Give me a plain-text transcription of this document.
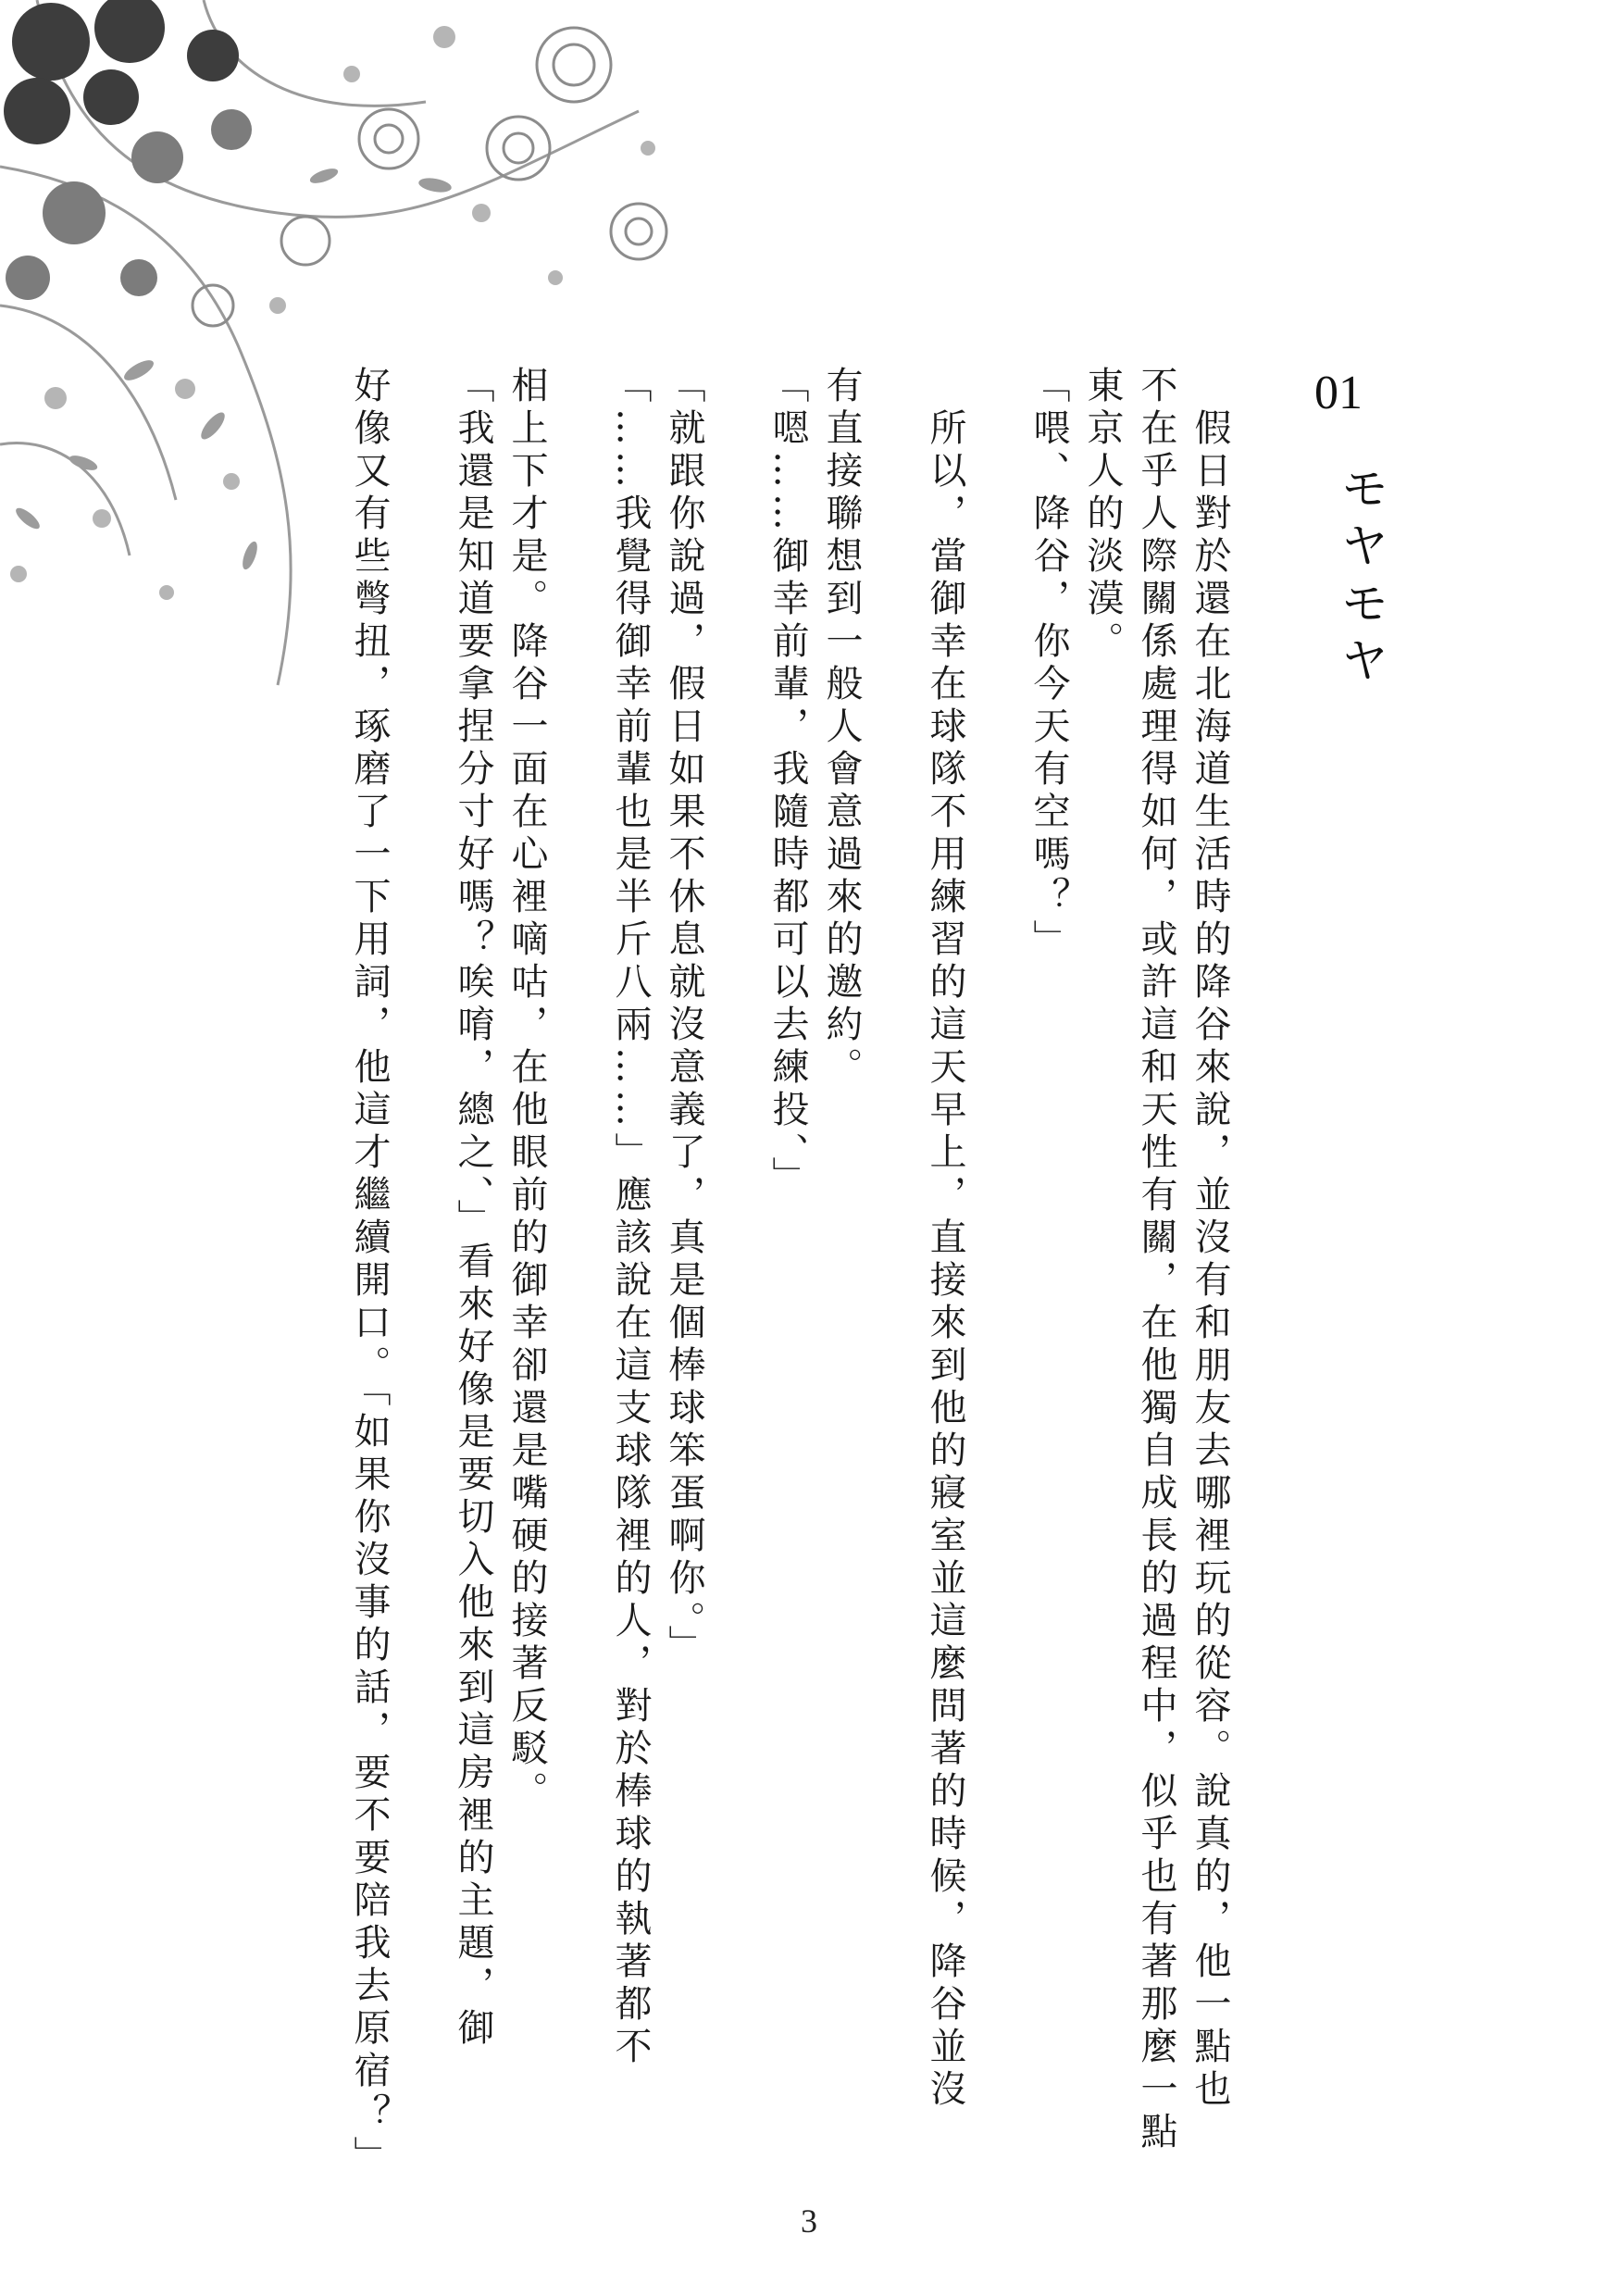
01
モヤモヤ
　假日對於還在北海道生活時的降谷來說，並沒有和朋友去哪裡玩的從容。說真的，他一點也
不在乎人際關係處理得如何，或許這和天性有關，在他獨自成長的過程中，似乎也有著那麼一點
東京人的淡漠。
「喂、降谷，你今天有空嗎？」
　所以，當御幸在球隊不用練習的這天早上，直接來到他的寢室並這麼問著的時候，降谷並沒
有直接聯想到一般人會意過來的邀約。
「嗯……御幸前輩，我隨時都可以去練投、」
「就跟你說過，假日如果不休息就沒意義了，真是個棒球笨蛋啊你。」
「……我覺得御幸前輩也是半斤八兩……」應該說在這支球隊裡的人，對於棒球的執著都不
相上下才是。降谷一面在心裡嘀咕，在他眼前的御幸卻還是嘴硬的接著反駁。
「我還是知道要拿捏分寸好嗎？唉唷，總之、」看來好像是要切入他來到這房裡的主題，御
好像又有些彆扭，琢磨了一下用詞，他這才繼續開口。「如果你沒事的話，要不要陪我去原宿？」
3
